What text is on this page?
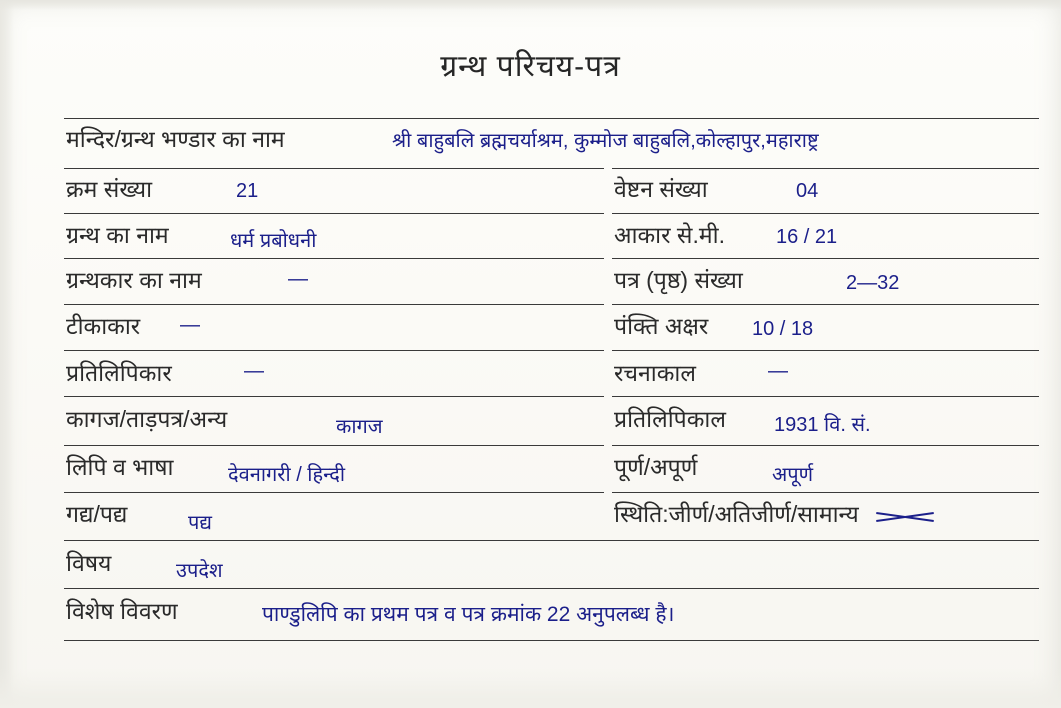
ग्रन्थ परिचय-पत्र
मन्दिर/ग्रन्थ भण्डार का नाम	श्री बाहुबलि ब्रह्मचर्याश्रम, कुम्मोज बाहुबलि,कोल्हापुर,महाराष्ट्र
क्रम संख्या	21	वेष्टन संख्या	04
ग्रन्थ का नाम	धर्म प्रबोधनी	आकार से.मी.	16 / 21
ग्रन्थकार का नाम	—	पत्र (पृष्ठ) संख्या	2—32
टीकाकार —	पंक्ति अक्षर 10 / 18
प्रतिलिपिकार	—	रचनाकाल	—
कागज/ताड़पत्र/अन्य	कागज	प्रतिलिपिकाल 1931 वि. सं.
लिपि व भाषा	देवनागरी / हिन्दी	पूर्ण/अपूर्ण	अपूर्ण
गद्य/पद्य	पद्य	स्थिति:जीर्ण/अतिजीर्ण/सामान्य
विषय	उपदेश
विशेष विवरण	पाण्डुलिपि का प्रथम पत्र व पत्र क्रमांक 22 अनुपलब्ध है।
